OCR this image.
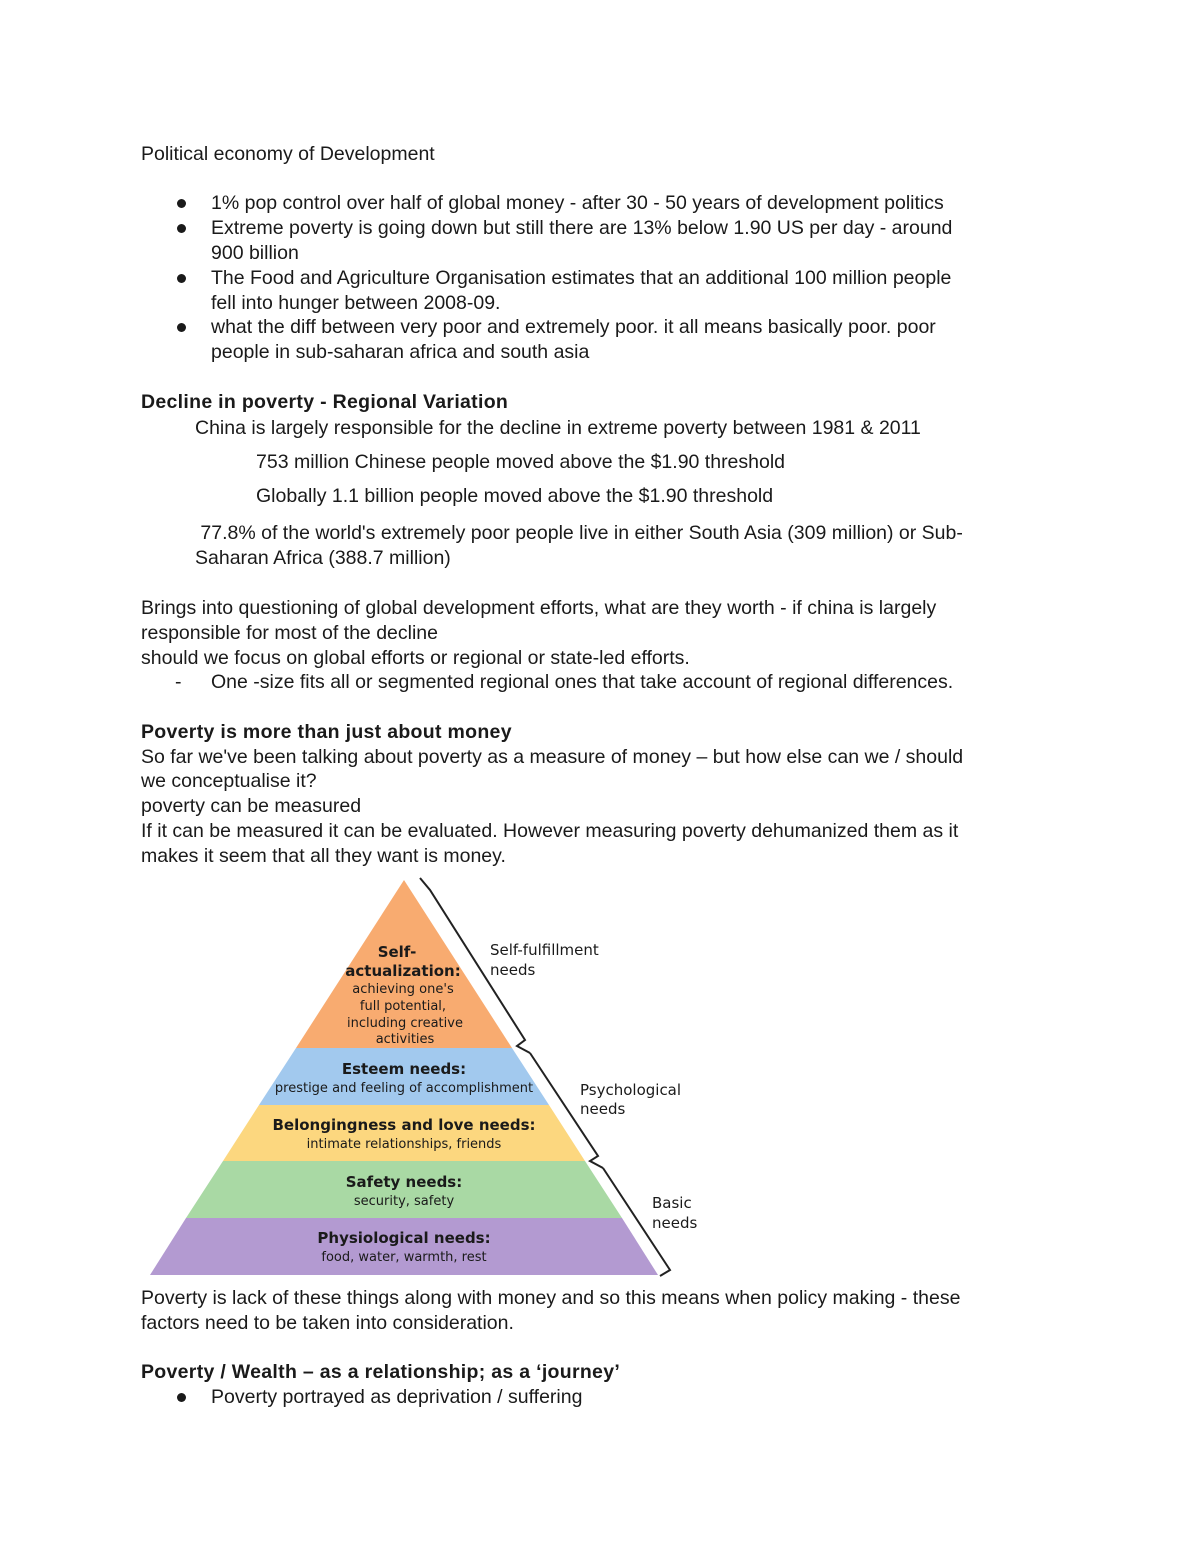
Political economy of Development
1% pop control over half of global money - after 30 - 50 years of development politics
Extreme poverty is going down but still there are 13% below 1.90 US per day - around
900 billion
The Food and Agriculture Organisation estimates that an additional 100 million people
fell into hunger between 2008-09.
what the diff between very poor and extremely poor. it all means basically poor. poor
people in sub-saharan africa and south asia
Decline in poverty - Regional Variation
China is largely responsible for the decline in extreme poverty between 1981 & 2011
753 million Chinese people moved above the $1.90 threshold
Globally 1.1 billion people moved above the $1.90 threshold
77.8% of the world's extremely poor people live in either South Asia (309 million) or Sub-
Saharan Africa (388.7 million)
Brings into questioning of global development efforts, what are they worth - if china is largely
responsible for most of the decline
should we focus on global efforts or regional or state-led efforts.
- One -size fits all or segmented regional ones that take account of regional differences.
Poverty is more than just about money
So far we've been talking about poverty as a measure of money – but how else can we / should
we conceptualise it?
poverty can be measured
If it can be measured it can be evaluated. However measuring poverty dehumanized them as it
makes it seem that all they want is money.
Self-
actualization:
achieving one's
full potential,
including creative
activities
Esteem needs:
prestige and feeling of accomplishment
Belongingness and love needs:
intimate relationships, friends
Safety needs:
security, safety
Physiological needs:
food, water, warmth, rest
Self-fulfillment
needs
Psychological
needs
Basic
needs
Poverty is lack of these things along with money and so this means when policy making - these
factors need to be taken into consideration.
Poverty / Wealth – as a relationship; as a ‘journey’
Poverty portrayed as deprivation / suffering
